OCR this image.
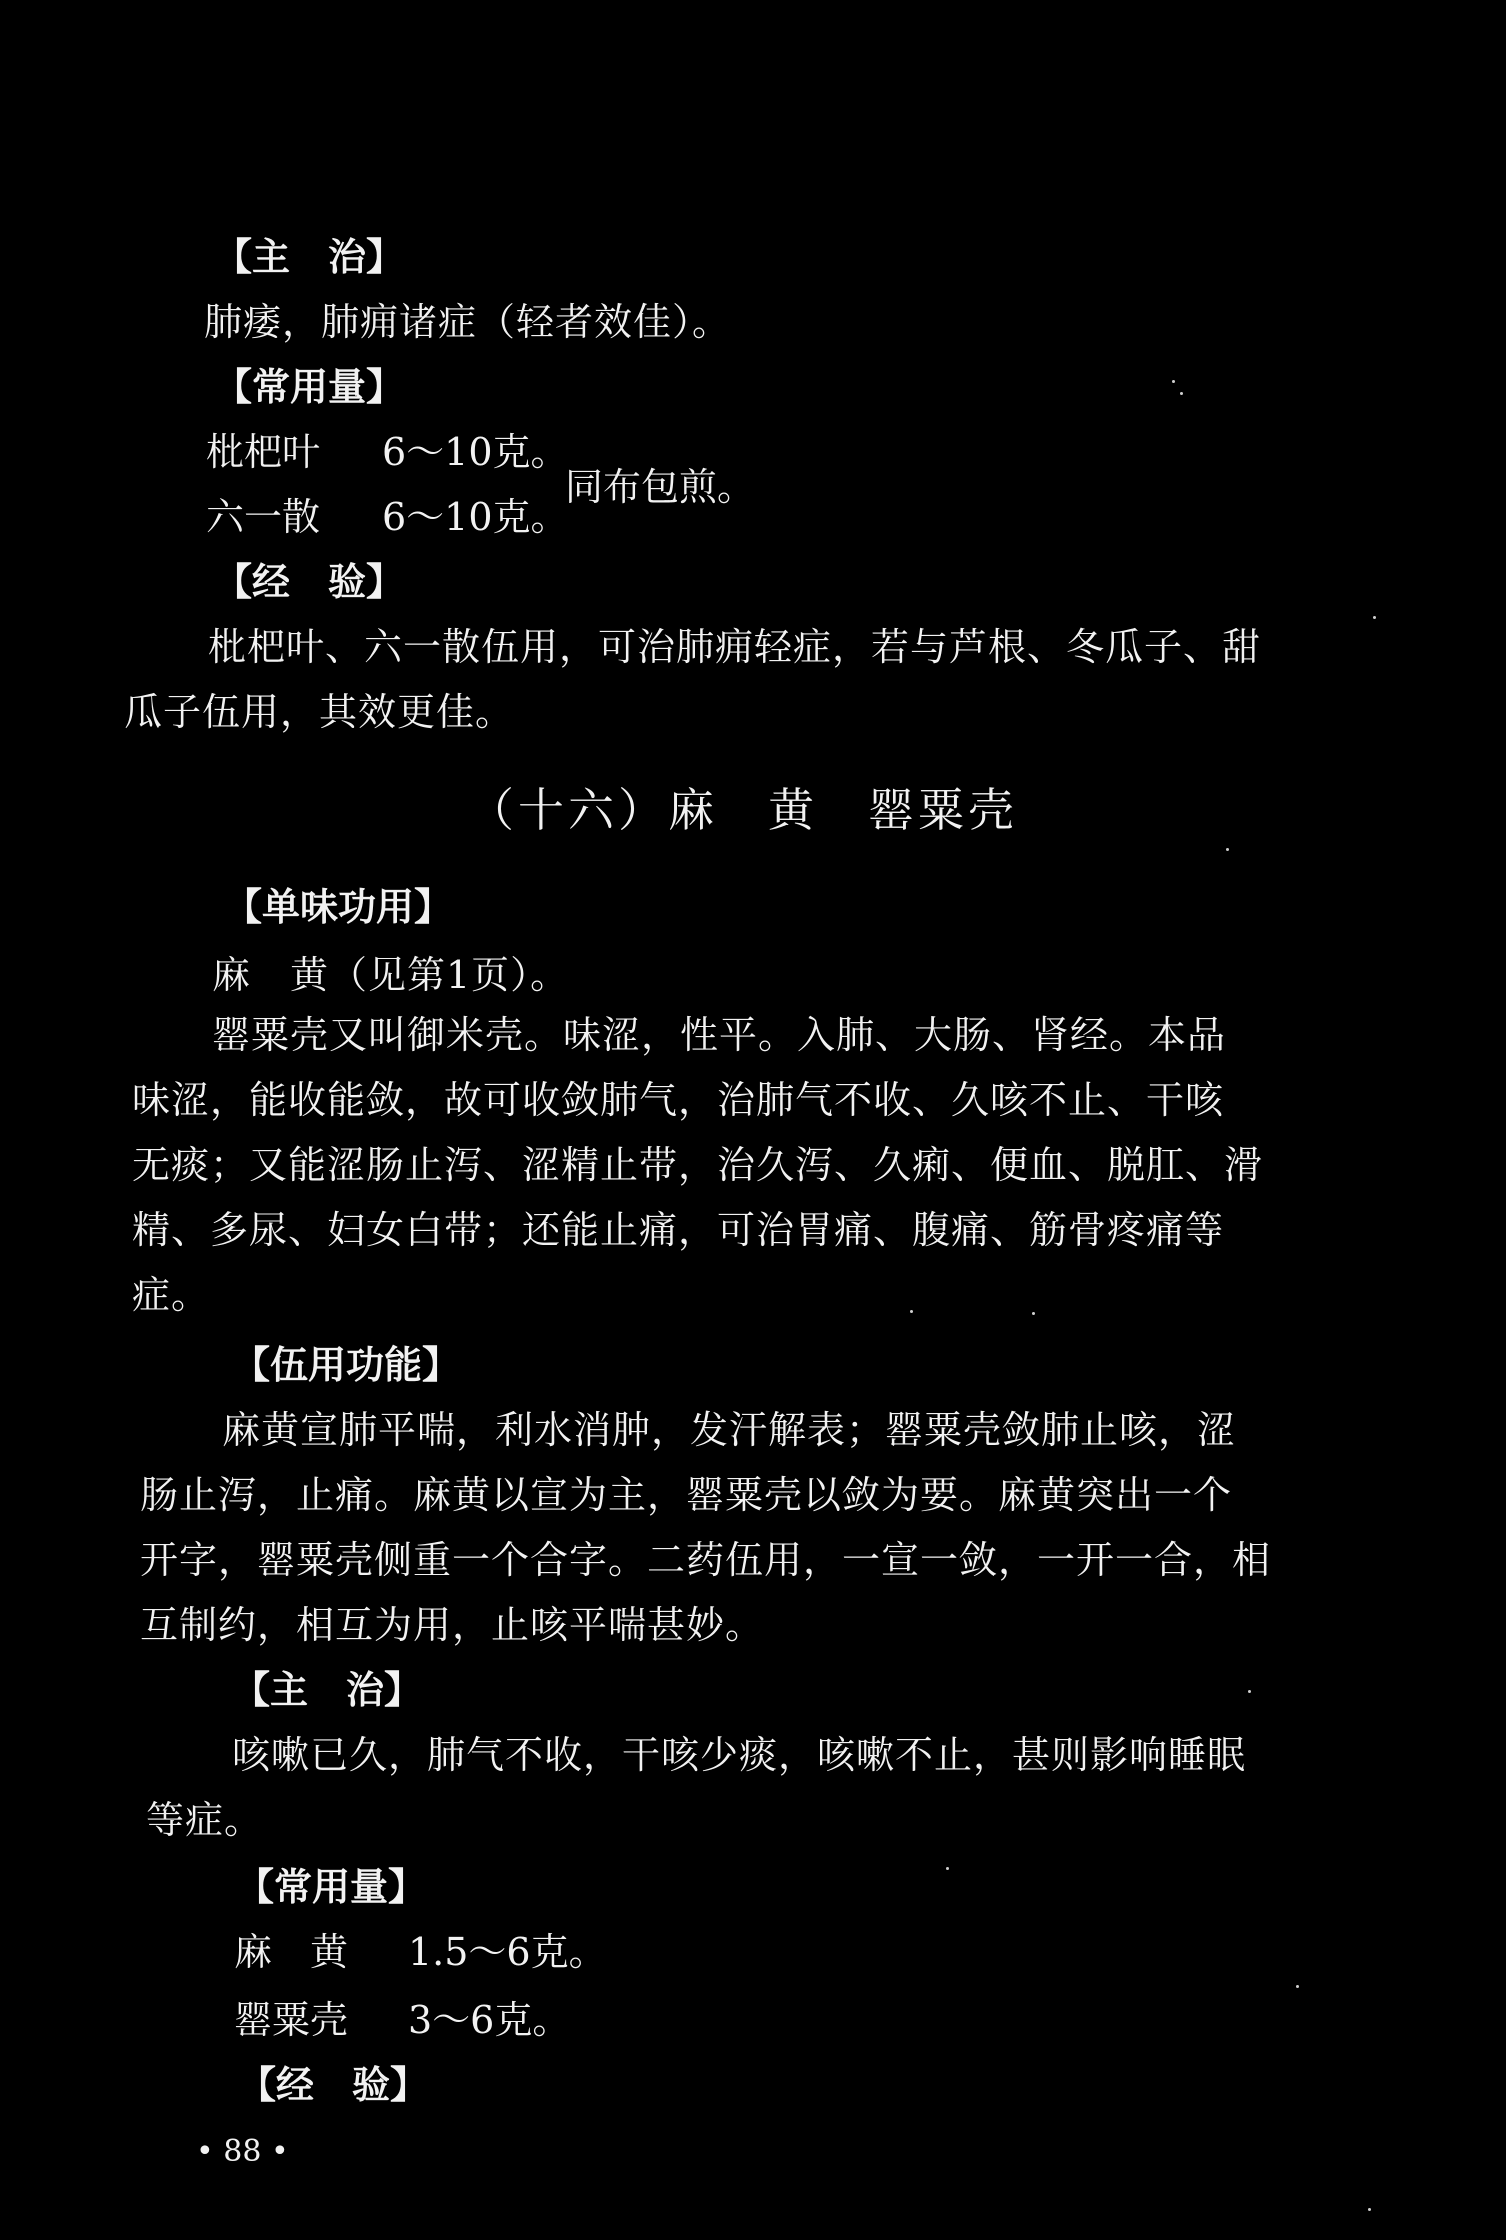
【主　治】
肺痿，肺痈诸症（轻者效佳）。
【常用量】
枇杷叶 6～10克。
同布包煎。
六一散 6～10克。
【经　验】
枇杷叶、六一散伍用，可治肺痈轻症，若与芦根、冬瓜子、甜
瓜子伍用，其效更佳。
（十六）麻　黄　罂粟壳
【单味功用】
麻　黄（见第1页）。
罂粟壳又叫御米壳。味涩，性平。入肺、大肠、肾经。本品
味涩，能收能敛，故可收敛肺气，治肺气不收、久咳不止、干咳
无痰；又能涩肠止泻、涩精止带，治久泻、久痢、便血、脱肛、滑
精、多尿、妇女白带；还能止痛，可治胃痛、腹痛、筋骨疼痛等
症。
【伍用功能】
麻黄宣肺平喘，利水消肿，发汗解表；罂粟壳敛肺止咳，涩
肠止泻，止痛。麻黄以宣为主，罂粟壳以敛为要。麻黄突出一个
开字，罂粟壳侧重一个合字。二药伍用，一宣一敛，一开一合，相
互制约，相互为用，止咳平喘甚妙。
【主　治】
咳嗽已久，肺气不收，干咳少痰，咳嗽不止，甚则影响睡眠
等症。
【常用量】
麻　黄 1.5～6克。
罂粟壳 3～6克。
【经　验】
• 88 •
